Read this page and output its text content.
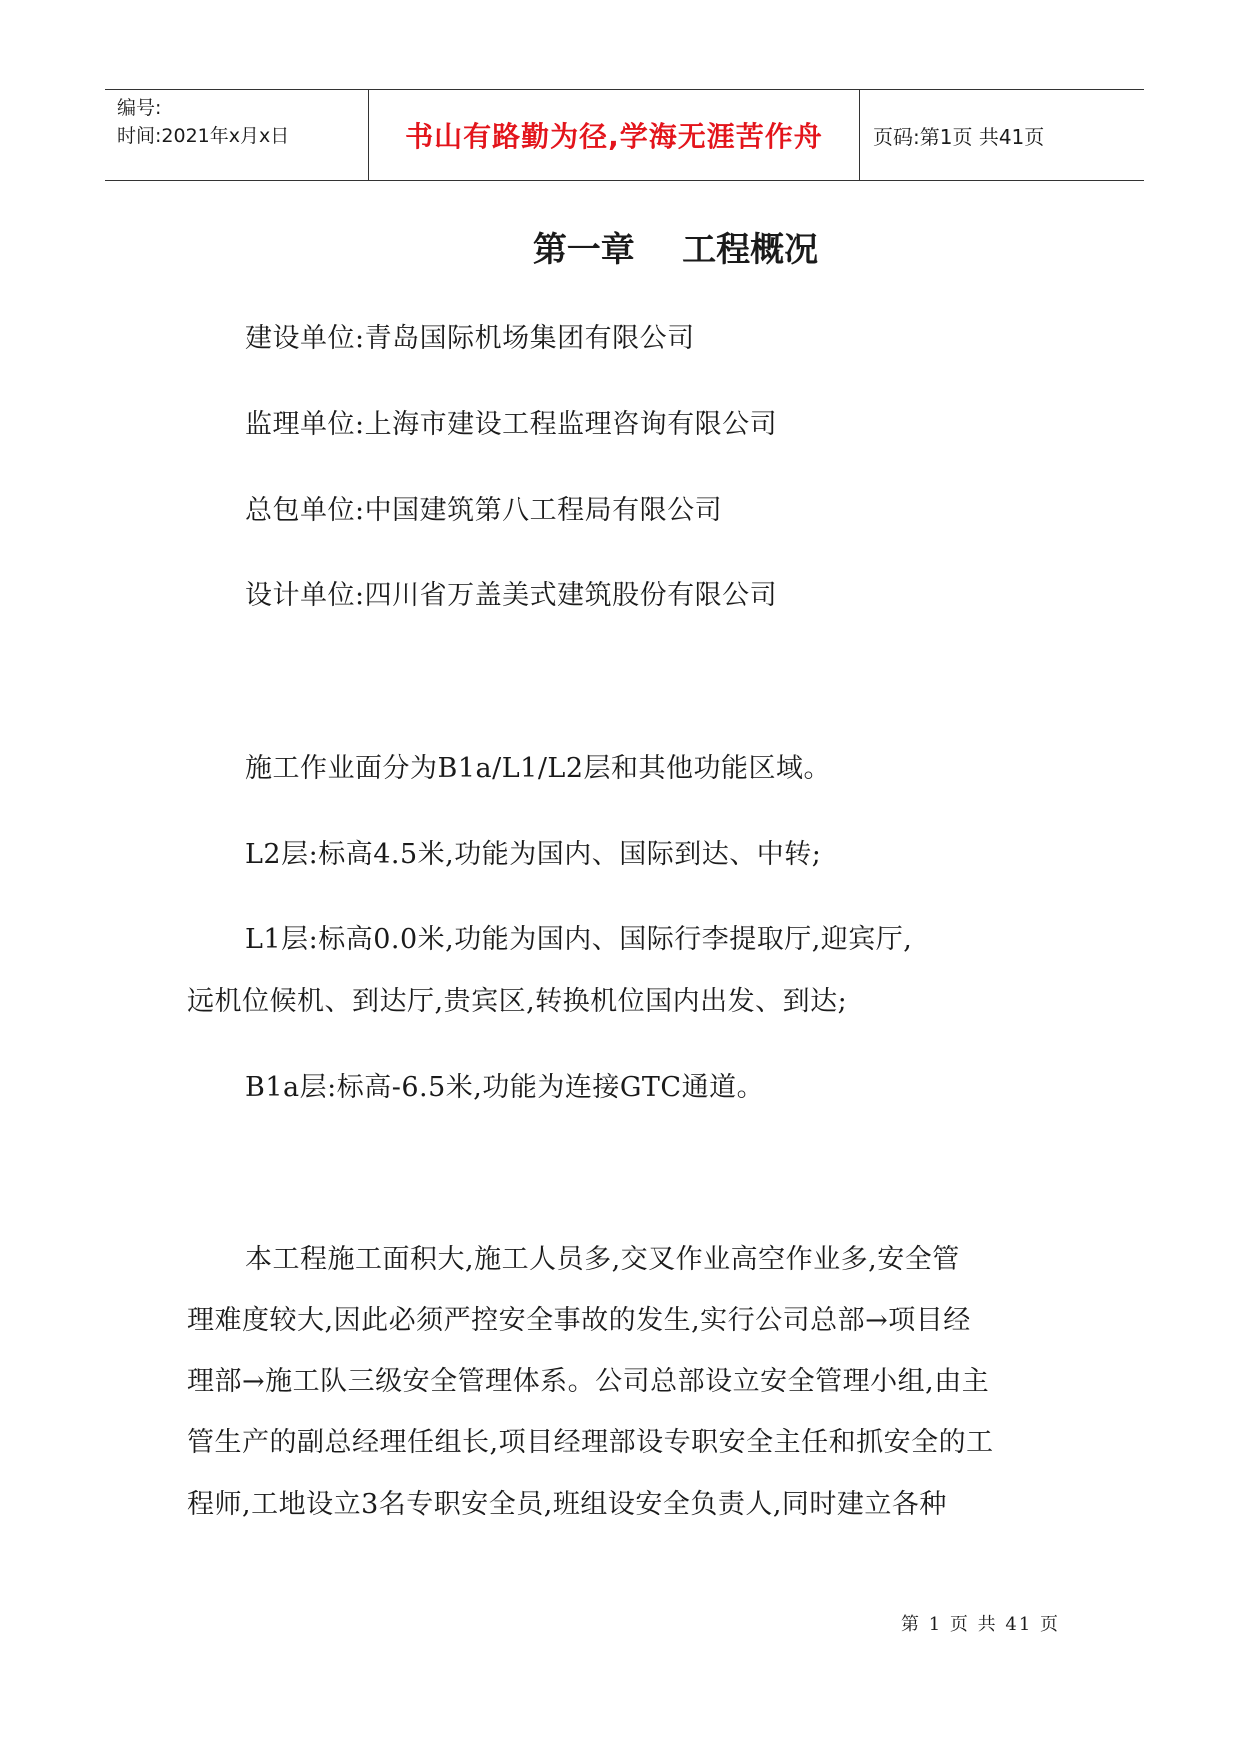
编号:
时间:2021年x月x日	书山有路勤为径,学海无涯苦作舟	页码:第1页 共41页
第一章    工程概况
建设单位:青岛国际机场集团有限公司
监理单位:上海市建设工程监理咨询有限公司
总包单位:中国建筑第八工程局有限公司
设计单位:四川省万盖美式建筑股份有限公司
施工作业面分为B1a/L1/L2层和其他功能区域。
L2层:标高4.5米,功能为国内、国际到达、中转;
L1层:标高0.0米,功能为国内、国际行李提取厅,迎宾厅,
远机位候机、到达厅,贵宾区,转换机位国内出发、到达;
B1a层:标高-6.5米,功能为连接GTC通道。
本工程施工面积大,施工人员多,交叉作业高空作业多,安全管
理难度较大,因此必须严控安全事故的发生,实行公司总部→项目经
理部→施工队三级安全管理体系。公司总部设立安全管理小组,由主
管生产的副总经理任组长,项目经理部设专职安全主任和抓安全的工
程师,工地设立3名专职安全员,班组设安全负责人,同时建立各种
第 1 页 共 41 页
